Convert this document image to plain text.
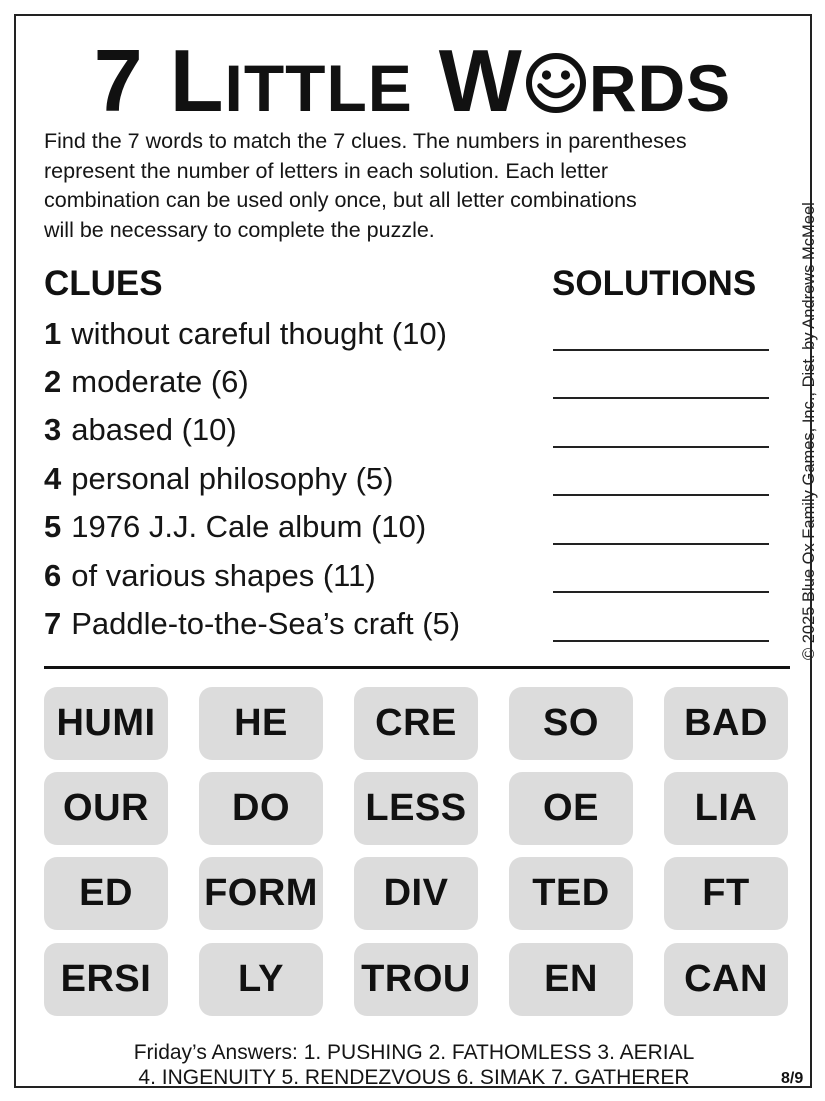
7 L ITTLE W RDS
Find the 7 words to match the 7 clues. The numbers in parentheses
represent the number of letters in each solution. Each letter
combination can be used only once, but all letter combinations
will be necessary to complete the puzzle.	© 2025 Blue Ox Family Games, Inc., Dist. by Andrews McMeel
CLUES	SOLUTIONS
1 without careful thought (10)
2 moderate (6)
3 abased (10)
4 personal philosophy (5)
5 1976 J.J. Cale album (10)
6 of various shapes (11)
7 Paddle-to-the-Sea’s craft (5)
HUMI	HE	CRE	SO	BAD
OUR	DO	LESS	OE	LIA
ED	FORM	DIV	TED	FT
ERSI	LY	TROU	EN	CAN
Friday’s Answers: 1. PUSHING 2. FATHOMLESS 3. AERIAL
4. INGENUITY 5. RENDEZVOUS 6. SIMAK 7. GATHERER	8/9
